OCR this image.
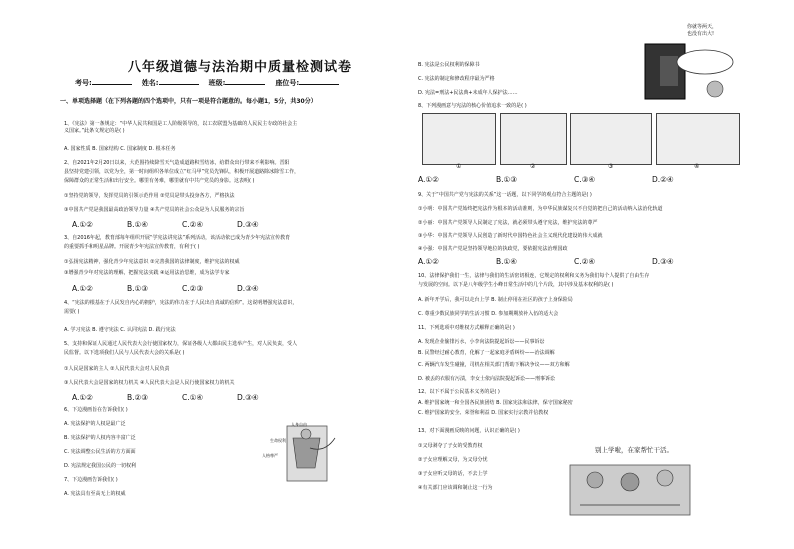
八年级道德与法治期中质量检测试卷
考号:	姓名:	班级:	座位号:
一、单项选择题（在下列各题的四个选项中，只有一项是符合题意的。每小题1，5分，共30分）
1、《宪法》第一条规定：“中华人民共和国是工人阶级领导的，以工农联盟为基础的人民民主专政的社会主
义国家。”此条文规定的是( )
A. 国家性质 B. 国家结构 C. 国家制度 D. 根本任务
2、自2021年2月20日以来，大范围持续降雪天气造成道路积雪结冰，给群众出行带来不利影响。晋阳
县坚持党建引领，以党为全，第一时间组织各单位成立“红马甲”党员先锋队，积极开展道路除冰除雪工作，
保障群众的正常生活和出行安全。哪里有务难，哪里就有中共产党员的身影。这表明( )
①坚持党的领导，发挥党员的引领示范作用 ②党员是带头投身各方，严格执法
③中国共产党是我国最高政治领导力量 ④共产党员的社会公众是为人民服务的宗旨
A.①②	B.①④	C.②④	D.③④
3、自2016年起，教育部每年组织开展“学宪法讲宪法”系列活动，该活动依已成为青少年宪法宣传教育
的重要抓手和明星品牌。开展青少年宪法宣传教育，有利于( )
①弘扬宪法精神，强化青少年宪法意识 ②完善我国的法律制度，维护宪法的权威
③增强青少年对宪法的理解，把握宪法实践 ④运用法治思维，成为法学专家
A.①②	B.①③	C.②③	D.③④
4、“宪法的根基在于人民发自内心的拥护，宪法的伟力在于人民出自真诚的信仰”。这说明增强宪法意识，
需要( )
A. 学习宪法 B. 遵守宪法 C. 认同宪法 D. 践行宪法
5、支持和保证人民通过人民代表大会行使国家权力，保证各级人大都由民主选举产生，对人民负责，受人
民监督。以下选项我们人民与人民代表大会的关系是( )
①人民是国家的主人 ②人民代表大会对人民负责
③人民代表大会是国家的权力机关 ④人民代表大会是人民行使国家权力的机关
A.①②	B.②③	C.①④	D.③④
6、下边漫画旨在告诉我们( )
A. 宪法保护的人权是最广泛
B. 宪法保护的人权内容丰富广泛
C. 宪法调整公民生活的方方面面
D. 宪法规定我国公民的一切权利
7、下边漫画告诉我们( )
A. 宪法具有至高无上的权威
人身自由
生命权利
人格尊严
你就等两天，
也没有出大!
B. 宪法是公民权利的保障书
C. 宪法的制定和修改程序最为严格
D. 宪法=刑法+民法典+未成年人保护法……
8、下列漫画意与宪法的核心价值追求一致的是( )
①	②	③	④
A.①②	B.①③	C.③④	D.②④
9、关于“中国共产党与宪法的关系”这一话题，以下同学的观点符合主题的是( )
①小明：中国共产党始终把宪法作为根本的活动准则，为中华民族谋复兴不自觉的把自己的活动纳入法治化轨道
②小丽：中国共产党领导人民制定了宪法，就必须带头遵守宪法，维护宪法的尊严
③小华：中国共产党领导人民创造了新时代中国特色社会主义现代化建设的伟大成就
④小强：中国共产党是坚持领导地位的执政党，要依据宪法治理国政
A.①②	B.①④	C.②④	D.③④
10、法律保护我们一生，法律与我们的生活密切相连，它规定的权利和义务为我们每个人提供了自由生存
与发展的空间。以下是八年级学生小峰日常生活中的几个片段，其中涉及基本权利的是( )
A. 新年开学后，我可以走台上学 B. 制止停用在社区的孩子上身保险局
C. 尊重少数民族同学的生活习惯 D. 参加期期放补入伍的适大会
11、下列选项中对维权方式解释正确的是( )
A. 发现企业偷排污水，小李向法院提起诉讼——民事诉讼
B. 民警经过耐心教育，化解了一起家庭矛盾纠纷——治法调解
C. 两辆汽车发生碰撞，司机在相关部门帮助下解决争议——双方和解
D. 被丢的衣服有污渍，李女士依向法院提起诉讼——刑事诉讼
12、以下不属于公民基本义务的是( )
A. 维护国家统一和全国各民族团结 B. 国家宪法和法律，保守国家秘密
C. 维护国家的安全、荣誉和利益 D. 国家实行宗教并信教权
13、对下面漫画反映的问题，认识正确的是( )
①父母剥夺了子女的受教育权
②子女应理解父母，为父母分忧
③子女应听父母的话，不去上学
④有关部门应该调和制止这一行为
别上学啦，在家帮忙干活。
